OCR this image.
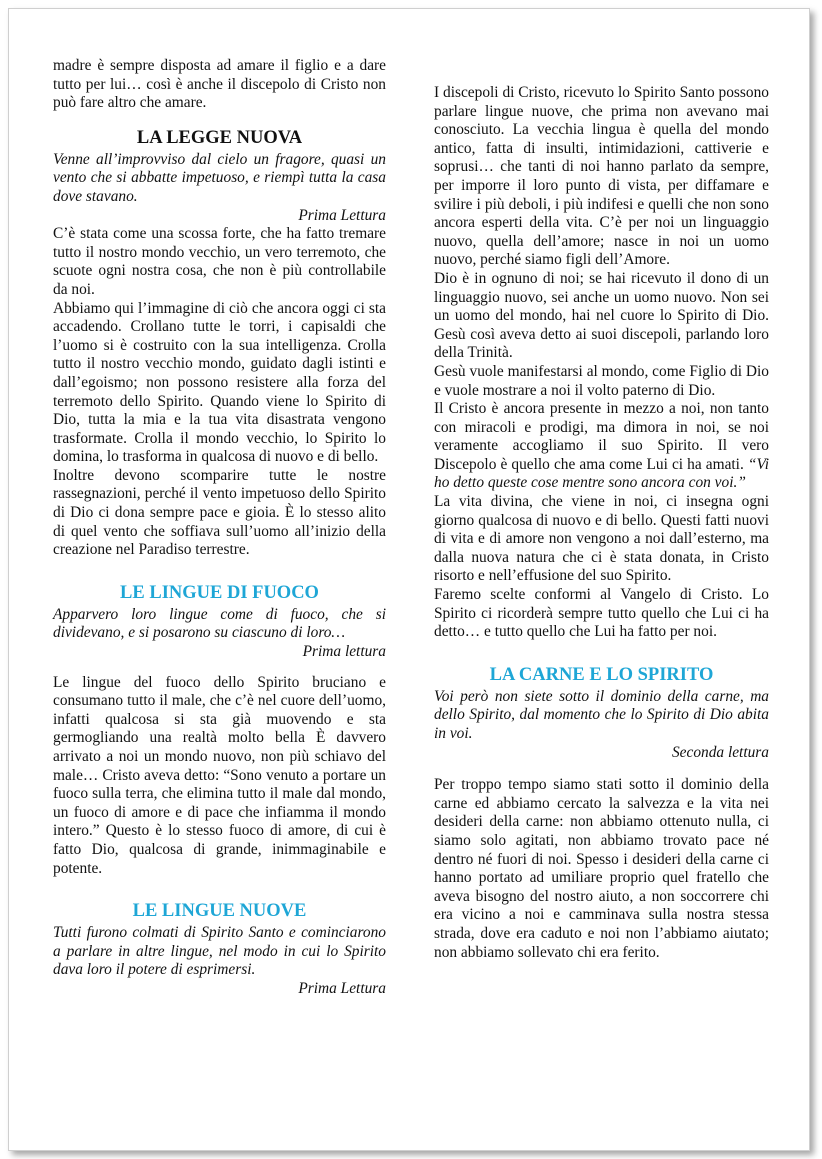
madre è sempre disposta ad amare il figlio e a dare tutto per lui… così è anche il discepolo di Cristo non può fare altro che amare.

LA LEGGE NUOVA

Venne all’improvviso dal cielo un fragore, quasi un vento che si abbatte impetuoso, e riempì tutta la casa dove stavano.

Prima Lettura

C’è stata come una scossa forte, che ha fatto tremare tutto il nostro mondo vecchio, un vero terremoto, che scuote ogni nostra cosa, che non è più controllabile da noi.

Abbiamo qui l’immagine di ciò che ancora oggi ci sta accadendo. Crollano tutte le torri, i capisaldi che l’uomo si è costruito con la sua intelligenza. Crolla tutto il nostro vecchio mondo, guidato dagli istinti e dall’egoismo; non possono resistere alla forza del terremoto dello Spirito. Quando viene lo Spirito di Dio, tutta la mia e la tua vita disastrata vengono trasformate. Crolla il mondo vecchio, lo Spirito lo domina, lo trasforma in qualcosa di nuovo e di bello.

Inoltre devono scomparire tutte le nostre rassegnazioni, perché il vento impetuoso dello Spirito di Dio ci dona sempre pace e gioia. È lo stesso alito di quel vento che soffiava sull’uomo all’inizio della creazione nel Paradiso terrestre.

LE LINGUE DI FUOCO

Apparvero loro lingue come di fuoco, che si dividevano, e si posarono su ciascuno di loro…

Prima lettura

Le lingue del fuoco dello Spirito bruciano e consumano tutto il male, che c’è nel cuore dell’uomo, infatti qualcosa si sta già muovendo e sta germogliando una realtà molto bella È davvero arrivato a noi un mondo nuovo, non più schiavo del male… Cristo aveva detto: “Sono venuto a portare un fuoco sulla terra, che elimina tutto il male dal mondo, un fuoco di amore e di pace che infiamma il mondo intero.” Questo è lo stesso fuoco di amore, di cui è fatto Dio, qualcosa di grande, inimmaginabile e potente.

LE LINGUE NUOVE

Tutti furono colmati di Spirito Santo e cominciarono a parlare in altre lingue, nel modo in cui lo Spirito dava loro il potere di esprimersi.

Prima Lettura

I discepoli di Cristo, ricevuto lo Spirito Santo possono parlare lingue nuove, che prima non avevano mai conosciuto. La vecchia lingua è quella del mondo antico, fatta di insulti, intimidazioni, cattiverie e soprusi… che tanti di noi hanno parlato da sempre, per imporre il loro punto di vista, per diffamare e svilire i più deboli, i più indifesi e quelli che non sono ancora esperti della vita. C’è per noi un linguaggio nuovo, quella dell’amore; nasce in noi un uomo nuovo, perché siamo figli dell’Amore.

Dio è in ognuno di noi; se hai ricevuto il dono di un linguaggio nuovo, sei anche un uomo nuovo. Non sei un uomo del mondo, hai nel cuore lo Spirito di Dio. Gesù così aveva detto ai suoi discepoli, parlando loro della Trinità.

Gesù vuole manifestarsi al mondo, come Figlio di Dio e vuole mostrare a noi il volto paterno di Dio.

Il Cristo è ancora presente in mezzo a noi, non tanto con miracoli e prodigi, ma dimora in noi, se noi veramente accogliamo il suo Spirito. Il vero Discepolo è quello che ama come Lui ci ha amati. “Vi ho detto queste cose mentre sono ancora con voi.”

La vita divina, che viene in noi, ci insegna ogni giorno qualcosa di nuovo e di bello. Questi fatti nuovi di vita e di amore non vengono a noi dall’esterno, ma dalla nuova natura che ci è stata donata, in Cristo risorto e nell’effusione del suo Spirito.

Faremo scelte conformi al Vangelo di Cristo. Lo Spirito ci ricorderà sempre tutto quello che Lui ci ha detto… e tutto quello che Lui ha fatto per noi.

LA CARNE E LO SPIRITO

Voi però non siete sotto il dominio della carne, ma dello Spirito, dal momento che lo Spirito di Dio abita in voi.

Seconda lettura

Per troppo tempo siamo stati sotto il dominio della carne ed abbiamo cercato la salvezza e la vita nei desideri della carne: non abbiamo ottenuto nulla, ci siamo solo agitati, non abbiamo trovato pace né dentro né fuori di noi. Spesso i desideri della carne ci hanno portato ad umiliare proprio quel fratello che aveva bisogno del nostro aiuto, a non soccorrere chi era vicino a noi e camminava sulla nostra stessa strada, dove era caduto e noi non l’abbiamo aiutato; non abbiamo sollevato chi era ferito.
